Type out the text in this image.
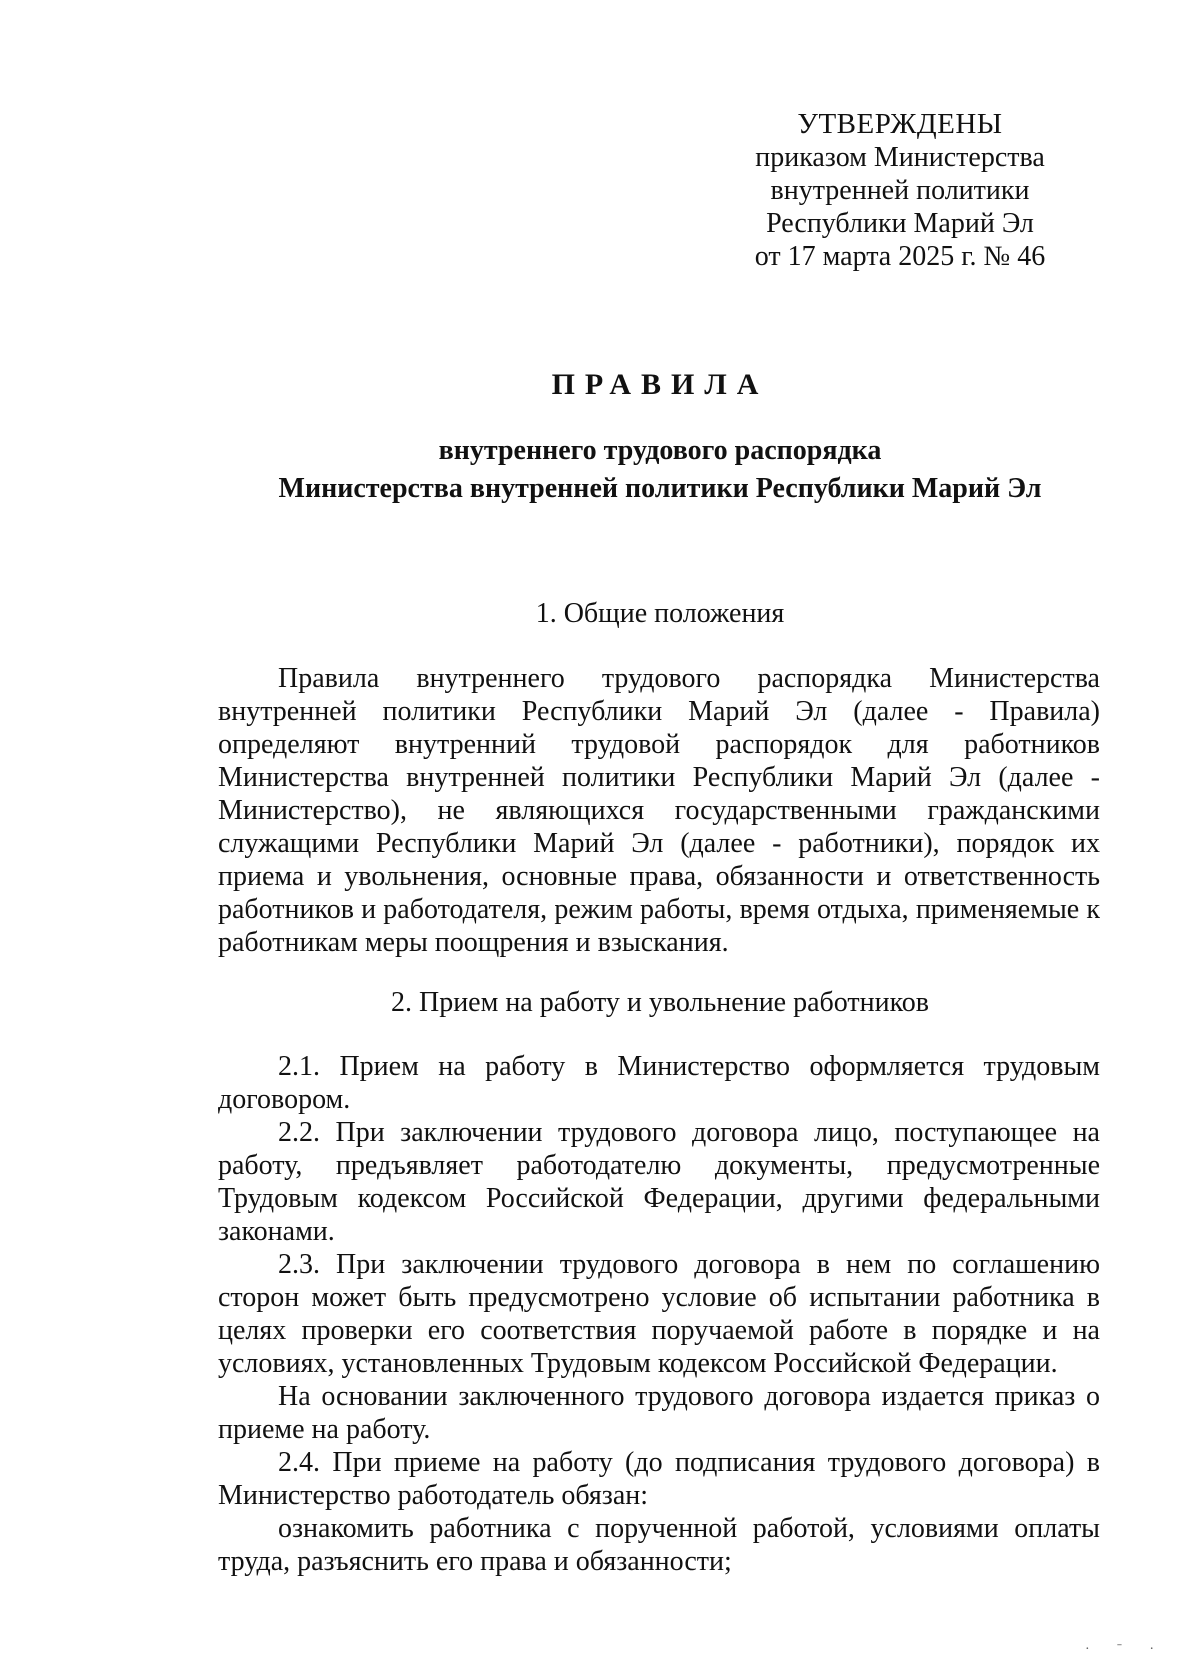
УТВЕРЖДЕНЫ
приказом Министерства
внутренней политики
Республики Марий Эл
от 17 марта 2025 г. № 46
ПРАВИЛА
внутреннего трудового распорядка
Министерства внутренней политики Республики Марий Эл
1. Общие положения
Правила внутреннего трудового распорядка Министерства внутренней политики Республики Марий Эл (далее - Правила) определяют внутренний трудовой распорядок для работников Министерства внутренней политики Республики Марий Эл (далее - Министерство), не являющихся государственными гражданскими служащими Республики Марий Эл (далее - работники), порядок их приема и увольнения, основные права, обязанности и ответственность работников и работодателя, режим работы, время отдыха, применяемые к работникам меры поощрения и взыскания.
2. Прием на работу и увольнение работников
2.1. Прием на работу в Министерство оформляется трудовым договором.
2.2. При заключении трудового договора лицо, поступающее на работу, предъявляет работодателю документы, предусмотренные Трудовым кодексом Российской Федерации, другими федеральными законами.
2.3. При заключении трудового договора в нем по соглашению сторон может быть предусмотрено условие об испытании работника в целях проверки его соответствия поручаемой работе в порядке и на условиях, установленных Трудовым кодексом Российской Федерации.
На основании заключенного трудового договора издается приказ о приеме на работу.
2.4. При приеме на работу (до подписания трудового договора) в Министерство работодатель обязан:
ознакомить работника с порученной работой, условиями оплаты труда, разъяснить его права и обязанности;
· ˉ ·
